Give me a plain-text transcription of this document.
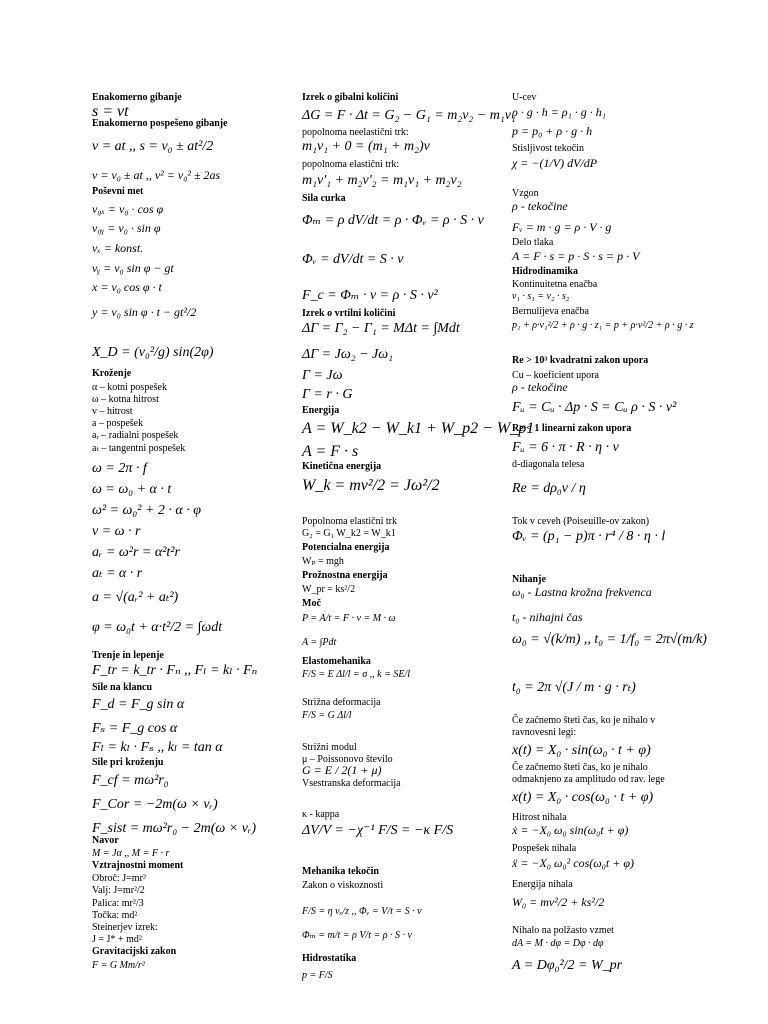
Enakomerno gibanje
s = vt
Enakomerno pospešeno gibanje
v = at ,, s = v₀ ± at²/2
v = v₀ ± at ,, v² = v₀² ± 2as
Poševni met
v₀ₓ = v₀ · cos φ
v₀ᵧ = v₀ · sin φ
vₓ = konst.
vᵧ = v₀ sin φ − gt
x = v₀ cos φ · t
y = v₀ sin φ · t − gt²/2
X_D = (v₀²/g) sin(2φ)
Kroženje
α – kotni pospešek
ω – kotna hitrost
v – hitrost
a – pospešek
aᵣ – radialni pospešek
aₜ – tangentni pospešek
ω = 2π · f
ω = ω₀ + α · t
ω² = ω₀² + 2 · α · φ
v = ω · r
aᵣ = ω²r = α²t²r
aₜ = α · r
a = √(aᵣ² + aₜ²)
φ = ω₀t + α·t²/2 = ∫ωdt
Trenje in lepenje
F_tr = k_tr · Fₙ ,, Fₗ = kₗ · Fₙ
Sile na klancu
F_d = F_g sin α
Fₛ = F_g cos α
Fₗ = kₗ · Fₛ ,, kₗ = tan α
Sile pri kroženju
F_cf = mω²r₀
F_Cor = −2m(ω × vᵣ)
F_sist = mω²r₀ − 2m(ω × vᵣ)
Navor
M = Jα ,, M = F · r
Vztrajnostni moment
Obroč: J=mr²
Valj: J=mr²/2
Palica: mr²/3
Točka: md²
Steinerjev izrek:
J = J* + md²
Gravitacijski zakon
F = G Mm/r²
Izrek o gibalni količini
ΔG = F · Δt = G₂ − G₁ = m₂v₂ − m₁v₁
popolnoma neelastični trk:
m₁v₁ + 0 = (m₁ + m₂)v
popolnoma elastični trk:
m₁v'₁ + m₂v'₂ = m₁v₁ + m₂v₂
Sila curka
Φₘ = ρ dV/dt = ρ · Φᵥ = ρ · S · v
Φᵥ = dV/dt = S · v
F_c = Φₘ · v = ρ · S · v²
Izrek o vrtilni količini
ΔΓ = Γ₂ − Γ₁ = MΔt = ∫Mdt
ΔΓ = Jω₂ − Jω₁
Γ = Jω
Γ = r · G
Energija
A = W_k2 − W_k1 + W_p2 − W_p1
A = F · s
Kinetična energija
W_k = mv²/2 = Jω²/2
Popolnoma elastični trk
G₂ = G₁ W_k2 = W_k1
Potencialna energija
Wₚ = mgh
Prožnostna energija
W_pr = ks²/2
Moč
P = A/t = F · v = M · ω
A = ∫Pdt
Elastomehanika
F/S = E Δl/l = σ ,, k = SE/l
Strižna deformacija
F/S = G Δl/l
Strižni modul
μ – Poissonovo število
G = E / 2(1 + μ)
Vsestranska deformacija
κ - kappa
ΔV/V = −χ⁻¹ F/S = −κ F/S
Mehanika tekočin
Zakon o viskoznosti
F/S = η vₓ/z ,, Φᵥ = V/t = S · v
Φₘ = m/t = ρ V/t = ρ · S · v
Hidrostatika
p = F/S
U-cev
ρ · g · h = ρ₁ · g · h₁
p = p₀ + ρ · g · h
Stisljivost tekočin
χ = −(1/V) dV/dP
Vzgon
ρ - tekočine
Fᵥ = m · g = ρ · V · g
Delo tlaka
A = F · s = p · S · s = p · V
Hidrodinamika
Kontinuitetna enačba
v₁ · s₁ = v₂ · s₂
Bernulijeva enačba
p₁ + ρ·v₁²/2 + ρ · g · z₁ = p + ρ·v²/2 + ρ · g · z
Re > 10³ kvadratni zakon upora
Cu – koeficient upora
ρ - tekočine
Fᵤ = Cᵤ · Δp · S = Cᵤ ρ · S · v²
Re < 1 linearni zakon upora
Fᵤ = 6 · π · R · η · v
d-diagonala telesa
Re = dρ₀v / η
Tok v ceveh (Poiseuille-ov zakon)
Φᵥ = (p₁ − p)π · r⁴ / 8 · η · l
Nihanje
ω₀ - Lastna krožna frekvenca
t₀ - nihajni čas
ω₀ = √(k/m) ,, t₀ = 1/f₀ = 2π√(m/k)
t₀ = 2π √(J / m · g · rₜ)
Če začnemo šteti čas, ko je nihalo v
ravnovesni legi:
x(t) = X₀ · sin(ω₀ · t + φ)
Če začnemo šteti čas, ko je nihalo
odmaknjeno za amplitudo od rav. lege
x(t) = X₀ · cos(ω₀ · t + φ)
Hitrost nihala
ẋ = −X₀ ω₀ sin(ω₀t + φ)
Pospešek nihala
ẍ = −X₀ ω₀² cos(ω₀t + φ)
Energija nihala
W₀ = mv²/2 + ks²/2
Nihalo na polžasto vzmet
dA = M · dφ = Dφ · dφ
A = Dφ₀²/2 = W_pr
